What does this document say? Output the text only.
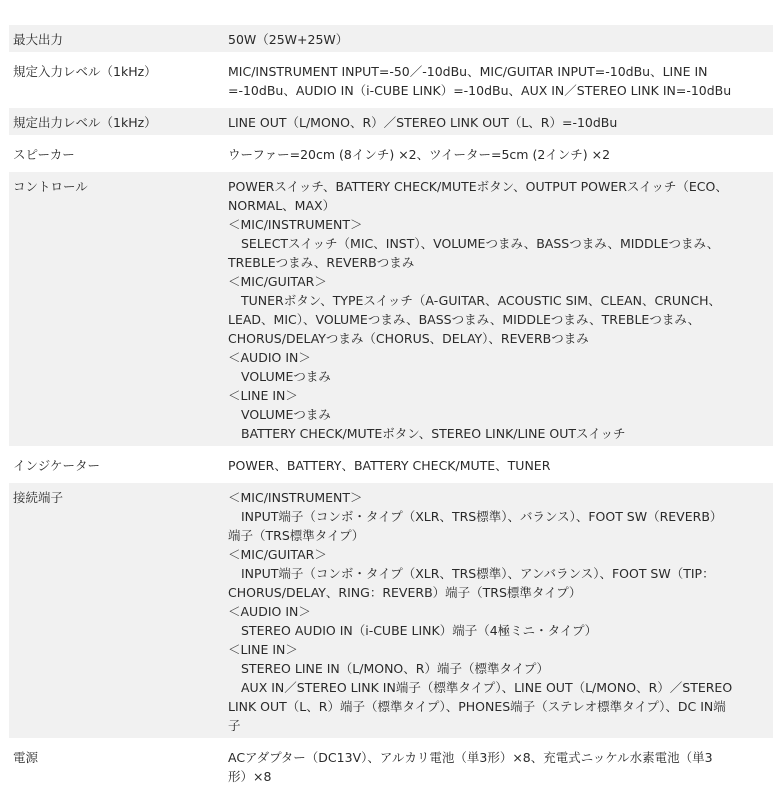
最大出力	50W（25W+25W）
規定入力レベル（1kHz）	MIC/INSTRUMENT INPUT=-50／-10dBu、MIC/GUITAR INPUT=-10dBu、LINE IN
=-10dBu、AUDIO IN（i-CUBE LINK）=-10dBu、AUX IN／STEREO LINK IN=-10dBu
規定出力レベル（1kHz）	LINE OUT（L/MONO、R）／STEREO LINK OUT（L、R）=-10dBu
スピーカー	ウーファー=20cm (8インチ) ×2、ツイーター=5cm (2インチ) ×2
コントロール	POWERスイッチ、BATTERY CHECK/MUTEボタン、OUTPUT POWERスイッチ（ECO、
NORMAL、MAX）
＜MIC/INSTRUMENT＞
SELECTスイッチ（MIC、INST）、VOLUMEつまみ、BASSつまみ、MIDDLEつまみ、
TREBLEつまみ、REVERBつまみ
＜MIC/GUITAR＞
TUNERボタン、TYPEスイッチ（A-GUITAR、ACOUSTIC SIM、CLEAN、CRUNCH、
LEAD、MIC）、VOLUMEつまみ、BASSつまみ、MIDDLEつまみ、TREBLEつまみ、
CHORUS/DELAYつまみ（CHORUS、DELAY）、REVERBつまみ
＜AUDIO IN＞
VOLUMEつまみ
＜LINE IN＞
VOLUMEつまみ
BATTERY CHECK/MUTEボタン、STEREO LINK/LINE OUTスイッチ
インジケーター	POWER、BATTERY、BATTERY CHECK/MUTE、TUNER
接続端子	＜MIC/INSTRUMENT＞
INPUT端子（コンボ・タイプ（XLR、TRS標準）、バランス）、FOOT SW（REVERB）
端子（TRS標準タイプ）
＜MIC/GUITAR＞
INPUT端子（コンボ・タイプ（XLR、TRS標準）、アンバランス）、FOOT SW（TIP：
CHORUS/DELAY、RING：REVERB）端子（TRS標準タイプ）
＜AUDIO IN＞
STEREO AUDIO IN（i-CUBE LINK）端子（4極ミニ・タイプ）
＜LINE IN＞
STEREO LINE IN（L/MONO、R）端子（標準タイプ）
AUX IN／STEREO LINK IN端子（標準タイプ）、LINE OUT（L/MONO、R）／STEREO
LINK OUT（L、R）端子（標準タイプ）、PHONES端子（ステレオ標準タイプ）、DC IN端
子
電源	ACアダプター（DC13V）、アルカリ電池（単3形）×8、充電式ニッケル水素電池（単3
形）×8
